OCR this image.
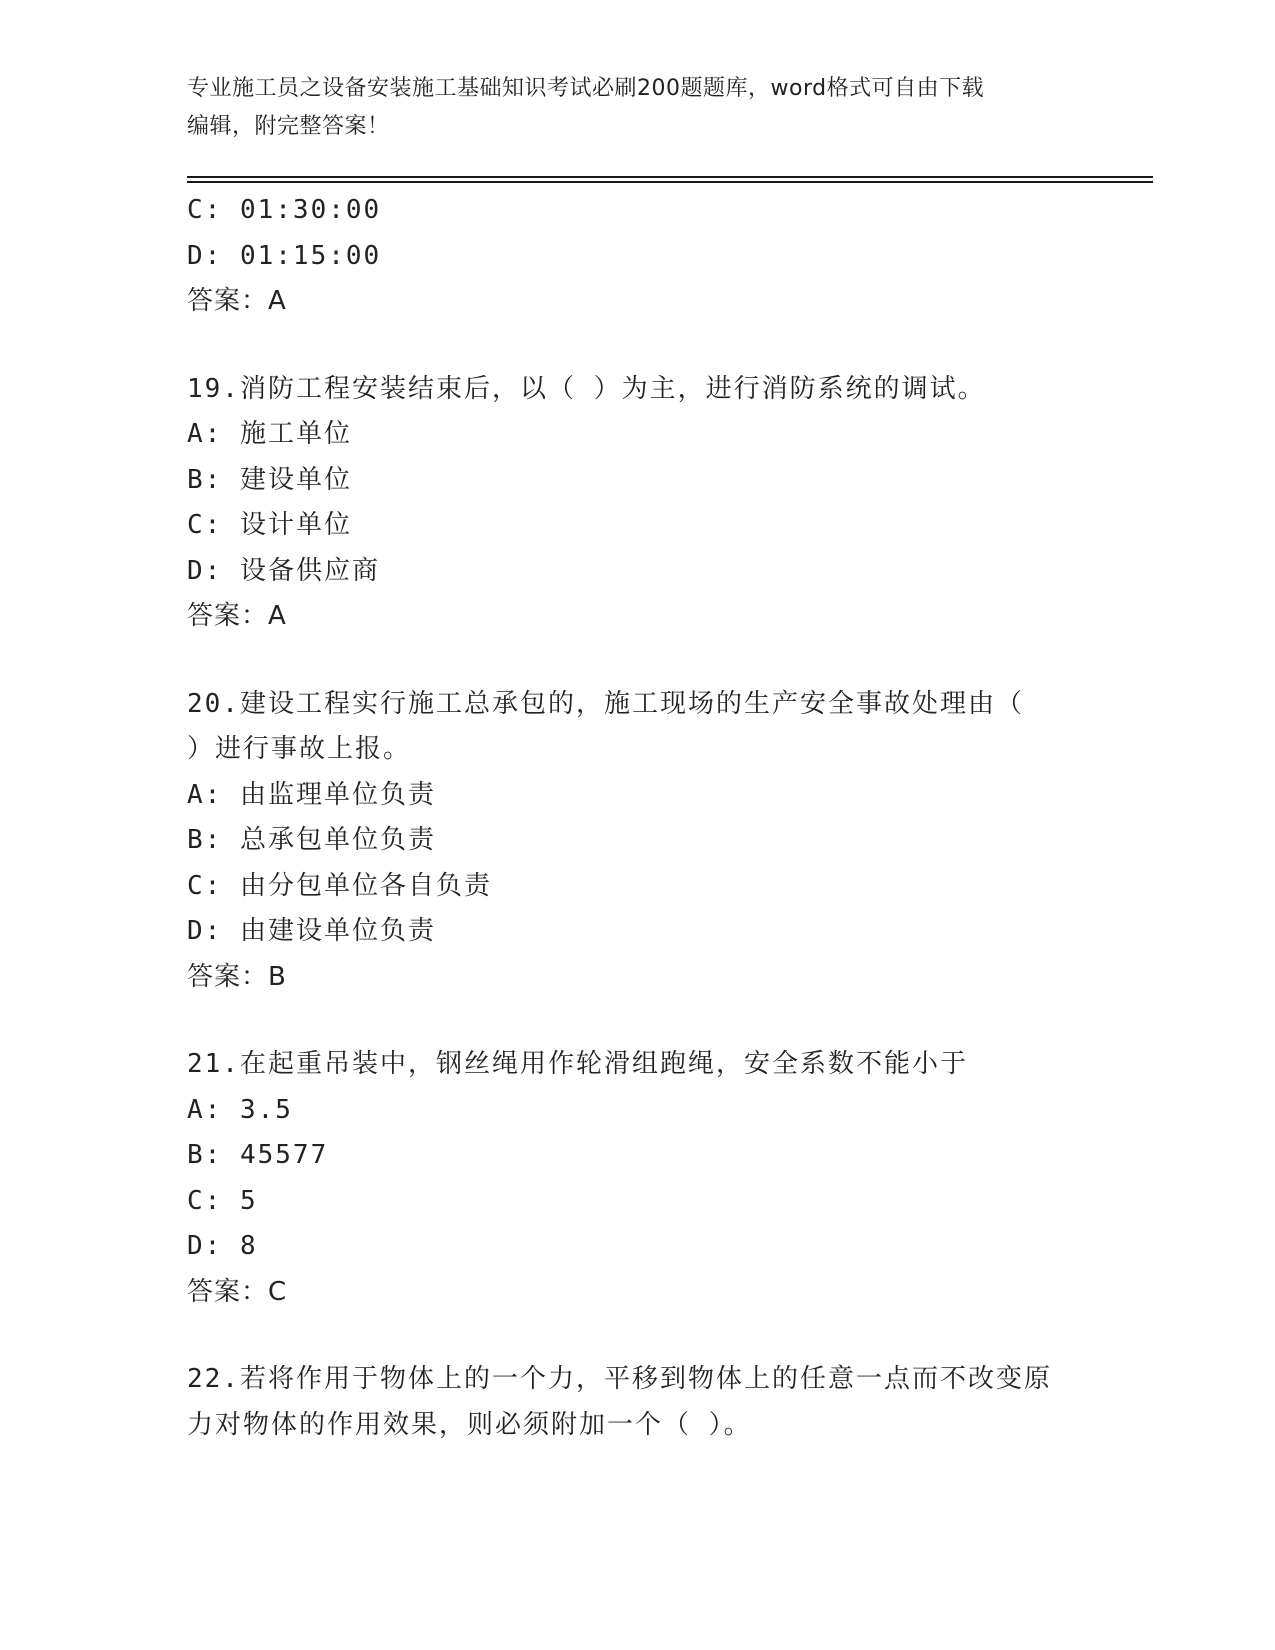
专业施工员之设备安装施工基础知识考试必刷200题题库，word格式可自由下载
编辑，附完整答案！
C: 01:30:00
D: 01:15:00
答案：A
19.消防工程安装结束后，以（ ）为主，进行消防系统的调试。
A: 施工单位
B: 建设单位
C: 设计单位
D: 设备供应商
答案：A
20.建设工程实行施工总承包的，施工现场的生产安全事故处理由（
）进行事故上报。
A: 由监理单位负责
B: 总承包单位负责
C: 由分包单位各自负责
D: 由建设单位负责
答案：B
21.在起重吊装中，钢丝绳用作轮滑组跑绳，安全系数不能小于
A: 3.5
B: 45577
C: 5
D: 8
答案：C
22.若将作用于物体上的一个力，平移到物体上的任意一点而不改变原
力对物体的作用效果，则必须附加一个（ ）。
